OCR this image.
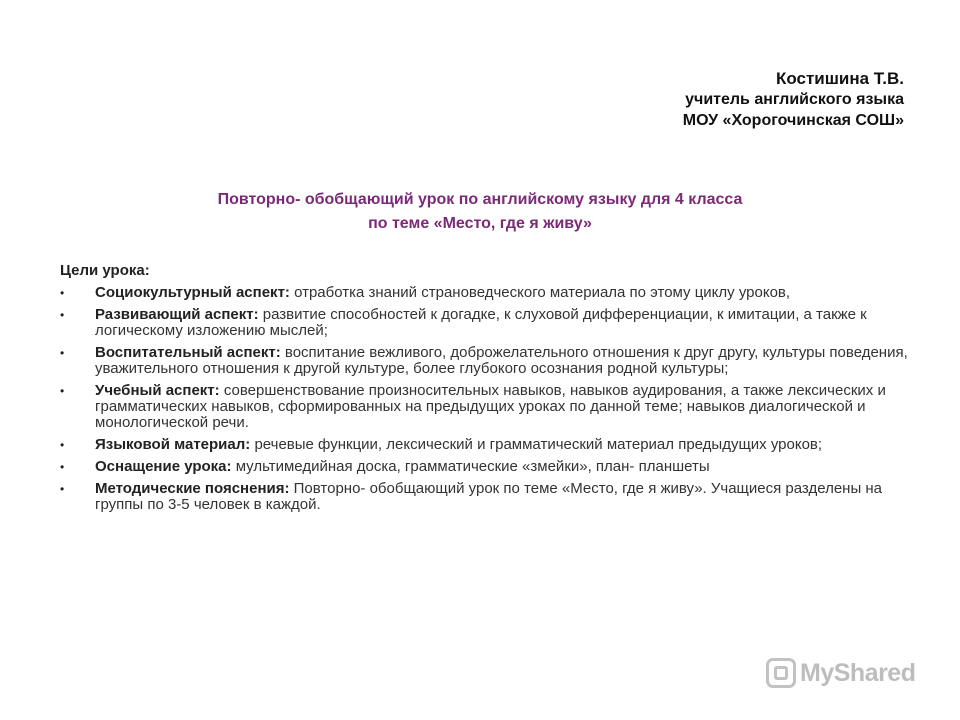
Костишина Т.В.
учитель английского языка
МОУ «Хорогочинская СОШ»
Повторно- обобщающий урок по английскому языку для 4 класса
по теме «Место, где я живу»
Цели урока:
• Социокультурный аспект: отработка знаний страноведческого материала по этому циклу уроков,
• Развивающий аспект: развитие способностей к догадке, к слуховой дифференциации, к имитации, а также к логическому изложению мыслей;
• Воспитательный аспект: воспитание вежливого, доброжелательного отношения к друг другу, культуры поведения, уважительного отношения к другой культуре, более глубокого осознания родной культуры;
• Учебный аспект: совершенствование произносительных навыков, навыков аудирования, а также лексических и грамматических навыков, сформированных на предыдущих уроках по данной теме; навыков диалогической и монологической речи.
• Языковой материал: речевые функции, лексический и грамматический материал предыдущих уроков;
• Оснащение урока: мультимедийная доска, грамматические «змейки», план- планшеты
• Методические пояснения: Повторно- обобщающий урок по теме «Место, где я живу». Учащиеся разделены на группы по 3-5 человек в каждой.
MyShared
